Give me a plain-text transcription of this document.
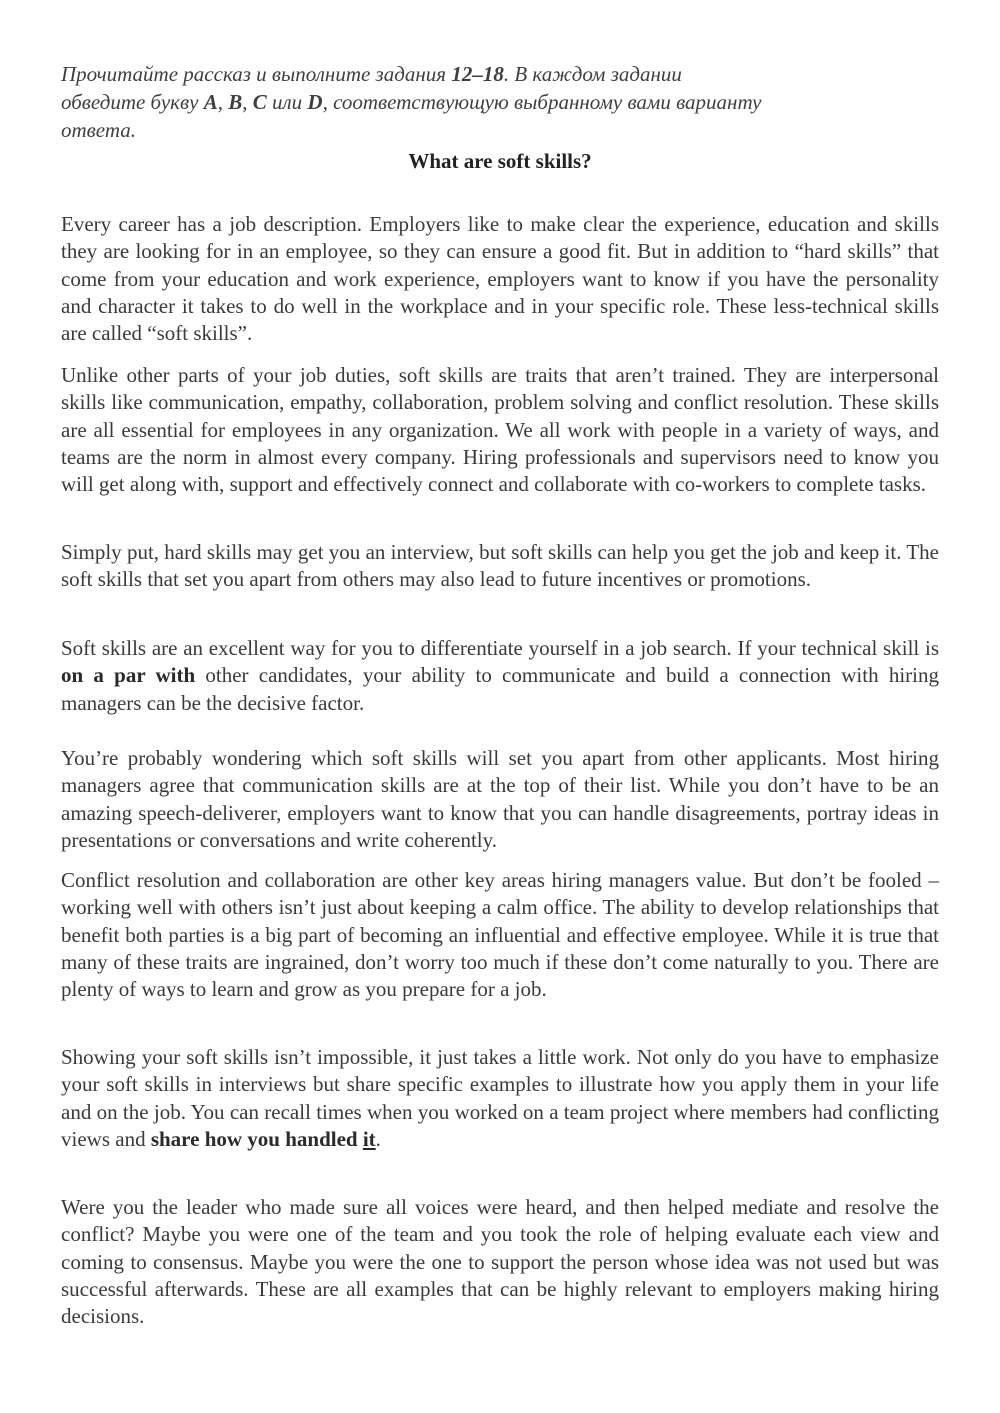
Прочитайте рассказ и выполните задания 12–18. В каждом задании
обведите букву A, B, C или D, соответствующую выбранному вами варианту
ответа.

What are soft skills?

Every career has a job description. Employers like to make clear the experience, education and skills they are looking for in an employee, so they can ensure a good fit. But in addition to “hard skills” that come from your education and work experience, employers want to know if you have the personality and character it takes to do well in the workplace and in your specific role. These less-technical skills are called “soft skills”.

Unlike other parts of your job duties, soft skills are traits that aren’t trained. They are interpersonal skills like communication, empathy, collaboration, problem solving and conflict resolution. These skills are all essential for employees in any organization. We all work with people in a variety of ways, and teams are the norm in almost every company. Hiring professionals and supervisors need to know you will get along with, support and effectively connect and collaborate with co-workers to complete tasks.

Simply put, hard skills may get you an interview, but soft skills can help you get the job and keep it. The soft skills that set you apart from others may also lead to future incentives or promotions.

Soft skills are an excellent way for you to differentiate yourself in a job search. If your technical skill is on a par with other candidates, your ability to communicate and build a connection with hiring managers can be the decisive factor.

You’re probably wondering which soft skills will set you apart from other applicants. Most hiring managers agree that communication skills are at the top of their list. While you don’t have to be an amazing speech-deliverer, employers want to know that you can handle disagreements, portray ideas in presentations or conversations and write coherently.

Conflict resolution and collaboration are other key areas hiring managers value. But don’t be fooled – working well with others isn’t just about keeping a calm office. The ability to develop relationships that benefit both parties is a big part of becoming an influential and effective employee. While it is true that many of these traits are ingrained, don’t worry too much if these don’t come naturally to you. There are plenty of ways to learn and grow as you prepare for a job.

Showing your soft skills isn’t impossible, it just takes a little work. Not only do you have to emphasize your soft skills in interviews but share specific examples to illustrate how you apply them in your life and on the job. You can recall times when you worked on a team project where members had conflicting views and share how you handled it.

Were you the leader who made sure all voices were heard, and then helped mediate and resolve the conflict? Maybe you were one of the team and you took the role of helping evaluate each view and coming to consensus. Maybe you were the one to support the person whose idea was not used but was successful afterwards. These are all examples that can be highly relevant to employers making hiring decisions.
